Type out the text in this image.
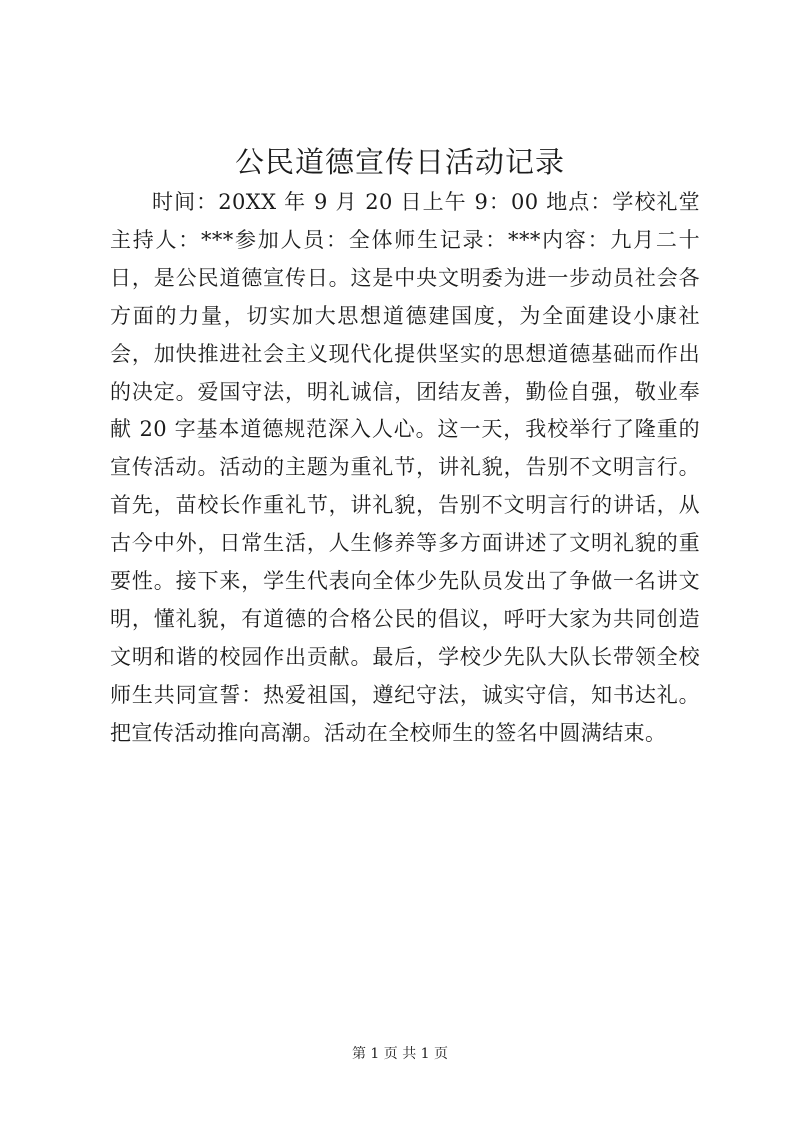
公民道德宣传日活动记录

时间：20XX 年 9 月 20 日上午 9：00 地点：学校礼堂主持人：***参加人员：全体师生记录：***内容：九月二十日，是公民道德宣传日。这是中央文明委为进一步动员社会各方面的力量，切实加大思想道德建国度，为全面建设小康社会，加快推进社会主义现代化提供坚实的思想道德基础而作出的决定。爱国守法，明礼诚信，团结友善，勤俭自强，敬业奉献 20 字基本道德规范深入人心。这一天，我校举行了隆重的宣传活动。活动的主题为重礼节，讲礼貌，告别不文明言行。首先，苗校长作重礼节，讲礼貌，告别不文明言行的讲话，从古今中外，日常生活，人生修养等多方面讲述了文明礼貌的重要性。接下来，学生代表向全体少先队员发出了争做一名讲文明，懂礼貌，有道德的合格公民的倡议，呼吁大家为共同创造文明和谐的校园作出贡献。最后，学校少先队大队长带领全校师生共同宣誓：热爱祖国，遵纪守法，诚实守信，知书达礼。把宣传活动推向高潮。活动在全校师生的签名中圆满结束。

第 1 页 共 1 页
